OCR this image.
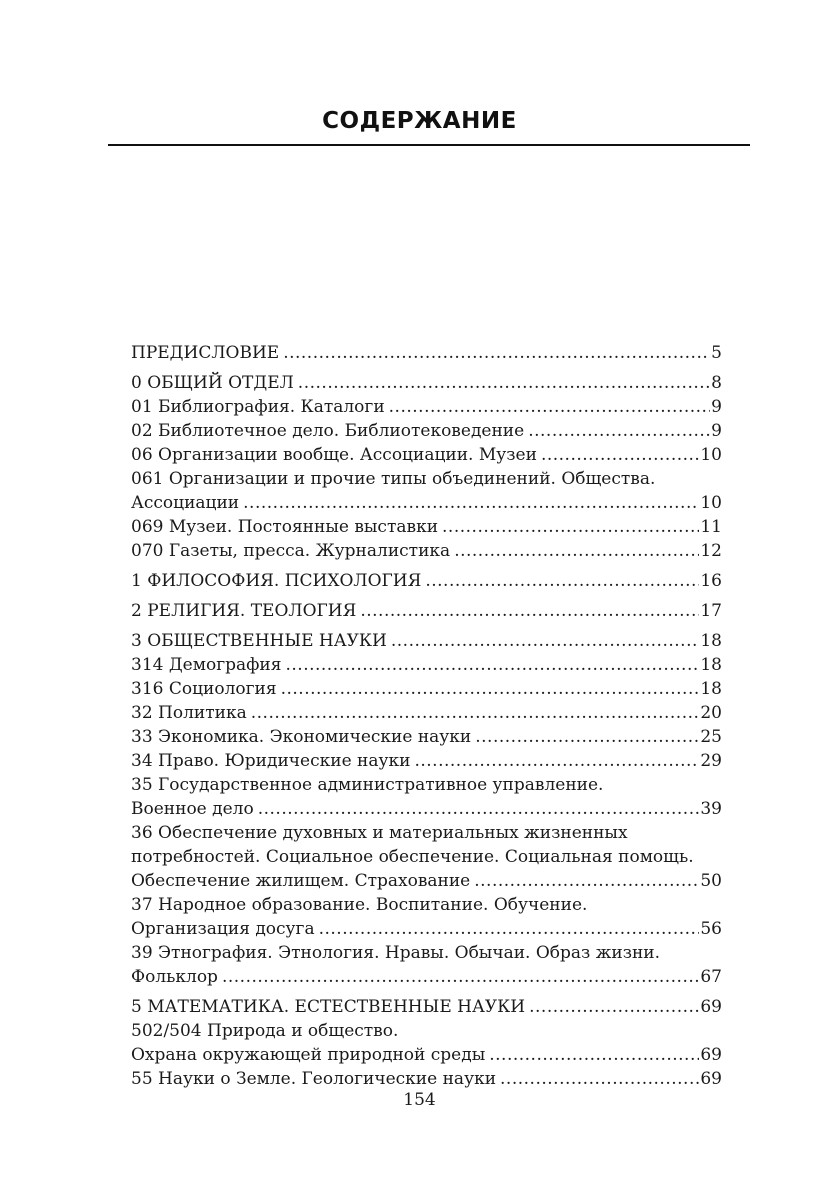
СОДЕРЖАНИЕ
ПРЕДИСЛОВИЕ .....	5
0 ОБЩИЙ ОТДЕЛ .....	8
01 Библиография. Каталоги .....	9
02 Библиотечное дело. Библиотековедение .....	9
06 Организации вообще. Ассоциации. Музеи .....	10
061 Организации и прочие типы объединений. Общества.
Ассоциации .....	10
069 Музеи. Постоянные выставки .....	11
070 Газеты, пресса. Журналистика .....	12
1 ФИЛОСОФИЯ. ПСИХОЛОГИЯ .....	16
2 РЕЛИГИЯ. ТЕОЛОГИЯ .....	17
3 ОБЩЕСТВЕННЫЕ НАУКИ .....	18
314 Демография .....	18
316 Социология .....	18
32 Политика .....	20
33 Экономика. Экономические науки .....	25
34 Право. Юридические науки .....	29
35 Государственное административное управление.
Военное дело .....	39
36 Обеспечение духовных и материальных жизненных
потребностей. Социальное обеспечение. Социальная помощь.
Обеспечение жилищем. Страхование .....	50
37 Народное образование. Воспитание. Обучение.
Организация досуга .....	56
39 Этнография. Этнология. Нравы. Обычаи. Образ жизни.
Фольклор .....	67
5 МАТЕМАТИКА. ЕСТЕСТВЕННЫЕ НАУКИ .....	69
502/504 Природа и общество.
Охрана окружающей природной среды .....	69
55 Науки о Земле. Геологические науки .....	69
154
